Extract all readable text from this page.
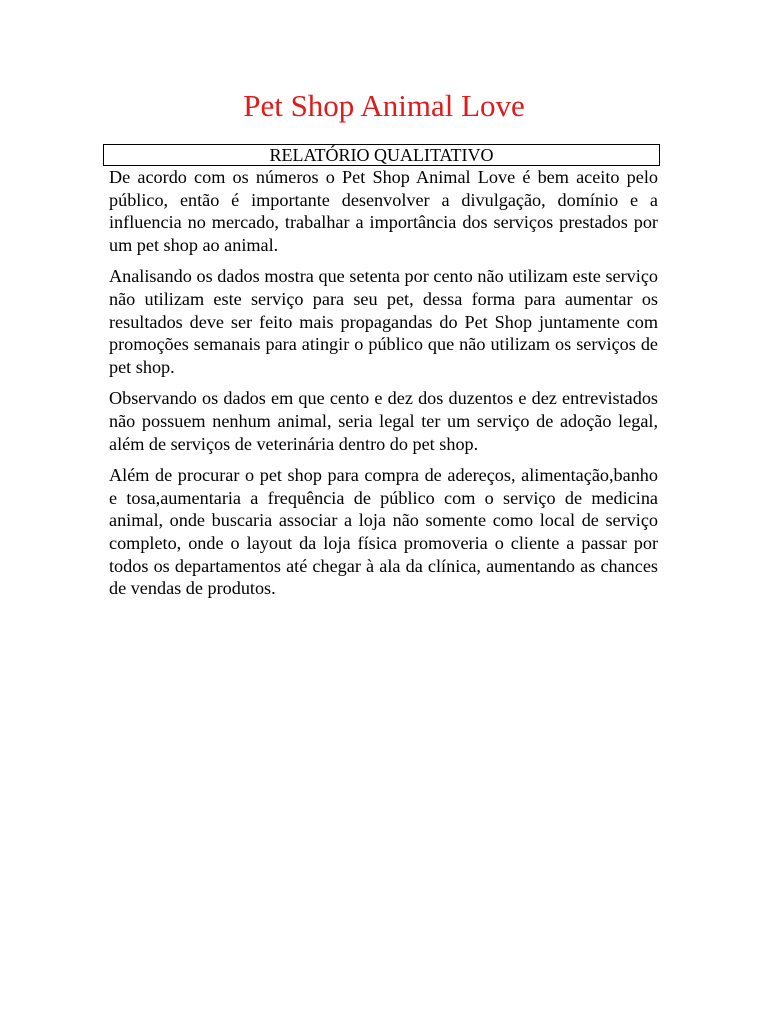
Pet Shop Animal Love
RELATÓRIO QUALITATIVO

De acordo com os números o Pet Shop Animal Love é bem aceito pelo público, então é importante desenvolver a divulgação, domínio e a influencia no mercado, trabalhar a importância dos serviços prestados por um pet shop ao animal.

Analisando os dados mostra que setenta por cento não utilizam este serviço não utilizam este serviço para seu pet, dessa forma para aumentar os resultados deve ser feito mais propagandas do Pet Shop juntamente com promoções semanais para atingir o público que não utilizam os serviços de pet shop.

Observando os dados em que cento e dez dos duzentos e dez entrevistados não possuem nenhum animal, seria legal ter um serviço de adoção legal, além de serviços de veterinária dentro do pet shop.

Além de procurar o pet shop para compra de adereços, alimentação,banho e tosa,aumentaria a frequência de público com o serviço de medicina animal, onde buscaria associar a loja não somente como local de serviço completo, onde o layout da loja física promoveria o cliente a passar por todos os departamentos até chegar à ala da clínica, aumentando as chances de vendas de produtos.
